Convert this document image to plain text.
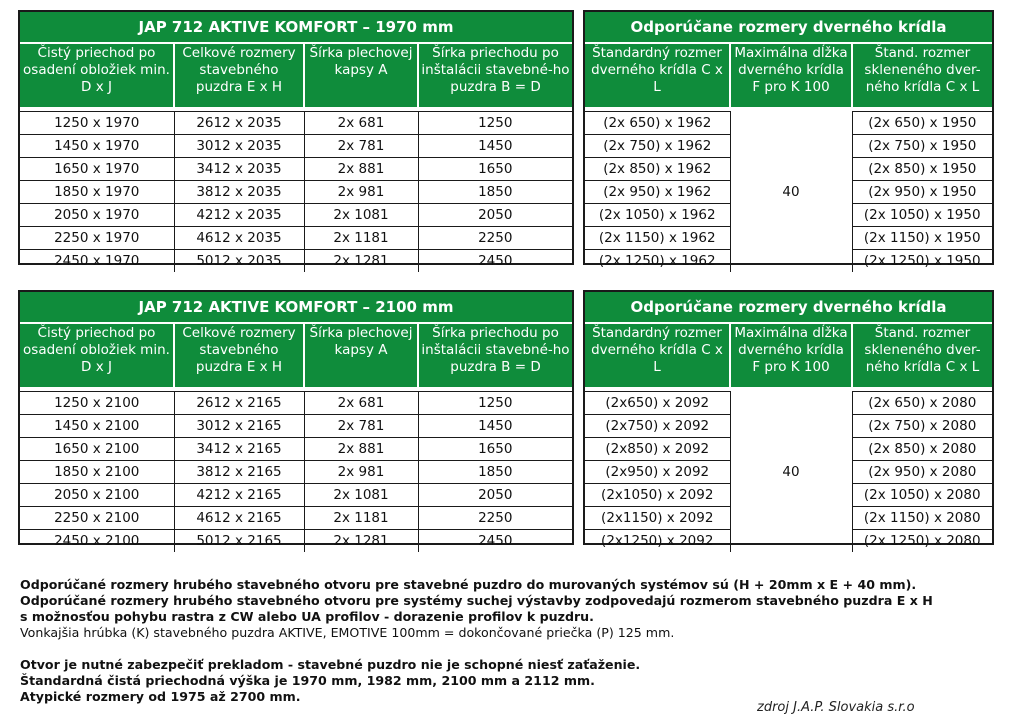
JAP 712 AKTIVE KOMFORT – 1970 mm
Čistý priechod po osadení obložiek min. D x J	Celkové rozmery stavebného puzdra E x H	Šírka plechovej kapsy A	Šírka priechodu po inštalácii stavebné-ho puzdra B = D

1250 x 1970	2612 x 2035	2x 681	1250
1450 x 1970	3012 x 2035	2x 781	1450
1650 x 1970	3412 x 2035	2x 881	1650
1850 x 1970	3812 x 2035	2x 981	1850
2050 x 1970	4212 x 2035	2x 1081	2050
2250 x 1970	4612 x 2035	2x 1181	2250
2450 x 1970	5012 x 2035	2x 1281	2450
Odporúčane rozmery dverného krídla
Štandardný rozmer dverného krídla C x L	Maximálna dĺžka dverného krídla F pro K 100	Štand. rozmer skleneného dver-ného krídla C x L

(2x 650) x 1962	40	(2x 650) x 1950
(2x 750) x 1962		(2x 750) x 1950
(2x 850) x 1962		(2x 850) x 1950
(2x 950) x 1962		(2x 950) x 1950
(2x 1050) x 1962		(2x 1050) x 1950
(2x 1150) x 1962		(2x 1150) x 1950
(2x 1250) x 1962		(2x 1250) x 1950
JAP 712 AKTIVE KOMFORT – 2100 mm
Čistý priechod po osadení obložiek min. D x J	Celkové rozmery stavebného puzdra E x H	Šírka plechovej kapsy A	Šírka priechodu po inštalácii stavebné-ho puzdra B = D

1250 x 2100	2612 x 2165	2x 681	1250
1450 x 2100	3012 x 2165	2x 781	1450
1650 x 2100	3412 x 2165	2x 881	1650
1850 x 2100	3812 x 2165	2x 981	1850
2050 x 2100	4212 x 2165	2x 1081	2050
2250 x 2100	4612 x 2165	2x 1181	2250
2450 x 2100	5012 x 2165	2x 1281	2450
Odporúčane rozmery dverného krídla
Štandardný rozmer dverného krídla C x L	Maximálna dĺžka dverného krídla F pro K 100	Štand. rozmer skleneného dver-ného krídla C x L

(2x650) x 2092	40	(2x 650) x 2080
(2x750) x 2092		(2x 750) x 2080
(2x850) x 2092		(2x 850) x 2080
(2x950) x 2092		(2x 950) x 2080
(2x1050) x 2092		(2x 1050) x 2080
(2x1150) x 2092		(2x 1150) x 2080
(2x1250) x 2092		(2x 1250) x 2080

Odporúčané rozmery hrubého stavebného otvoru pre stavebné puzdro do murovaných systémov sú (H + 20mm x E + 40 mm).

Odporúčané rozmery hrubého stavebného otvoru pre systémy suchej výstavby zodpovedajú rozmerom stavebného puzdra E x H

s možnosťou pohybu rastra z CW alebo UA profilov - dorazenie profilov k puzdru.

Vonkajšia hrúbka (K) stavebného puzdra AKTIVE, EMOTIVE 100mm = dokončované priečka (P) 125 mm.

Otvor je nutné zabezpečiť prekladom - stavebné puzdro nie je schopné niesť zaťaženie.

Štandardná čistá priechodná výška je 1970 mm, 1982 mm, 2100 mm a 2112 mm.

Atypické rozmery od 1975 až 2700 mm.

zdroj J.A.P. Slovakia s.r.o
